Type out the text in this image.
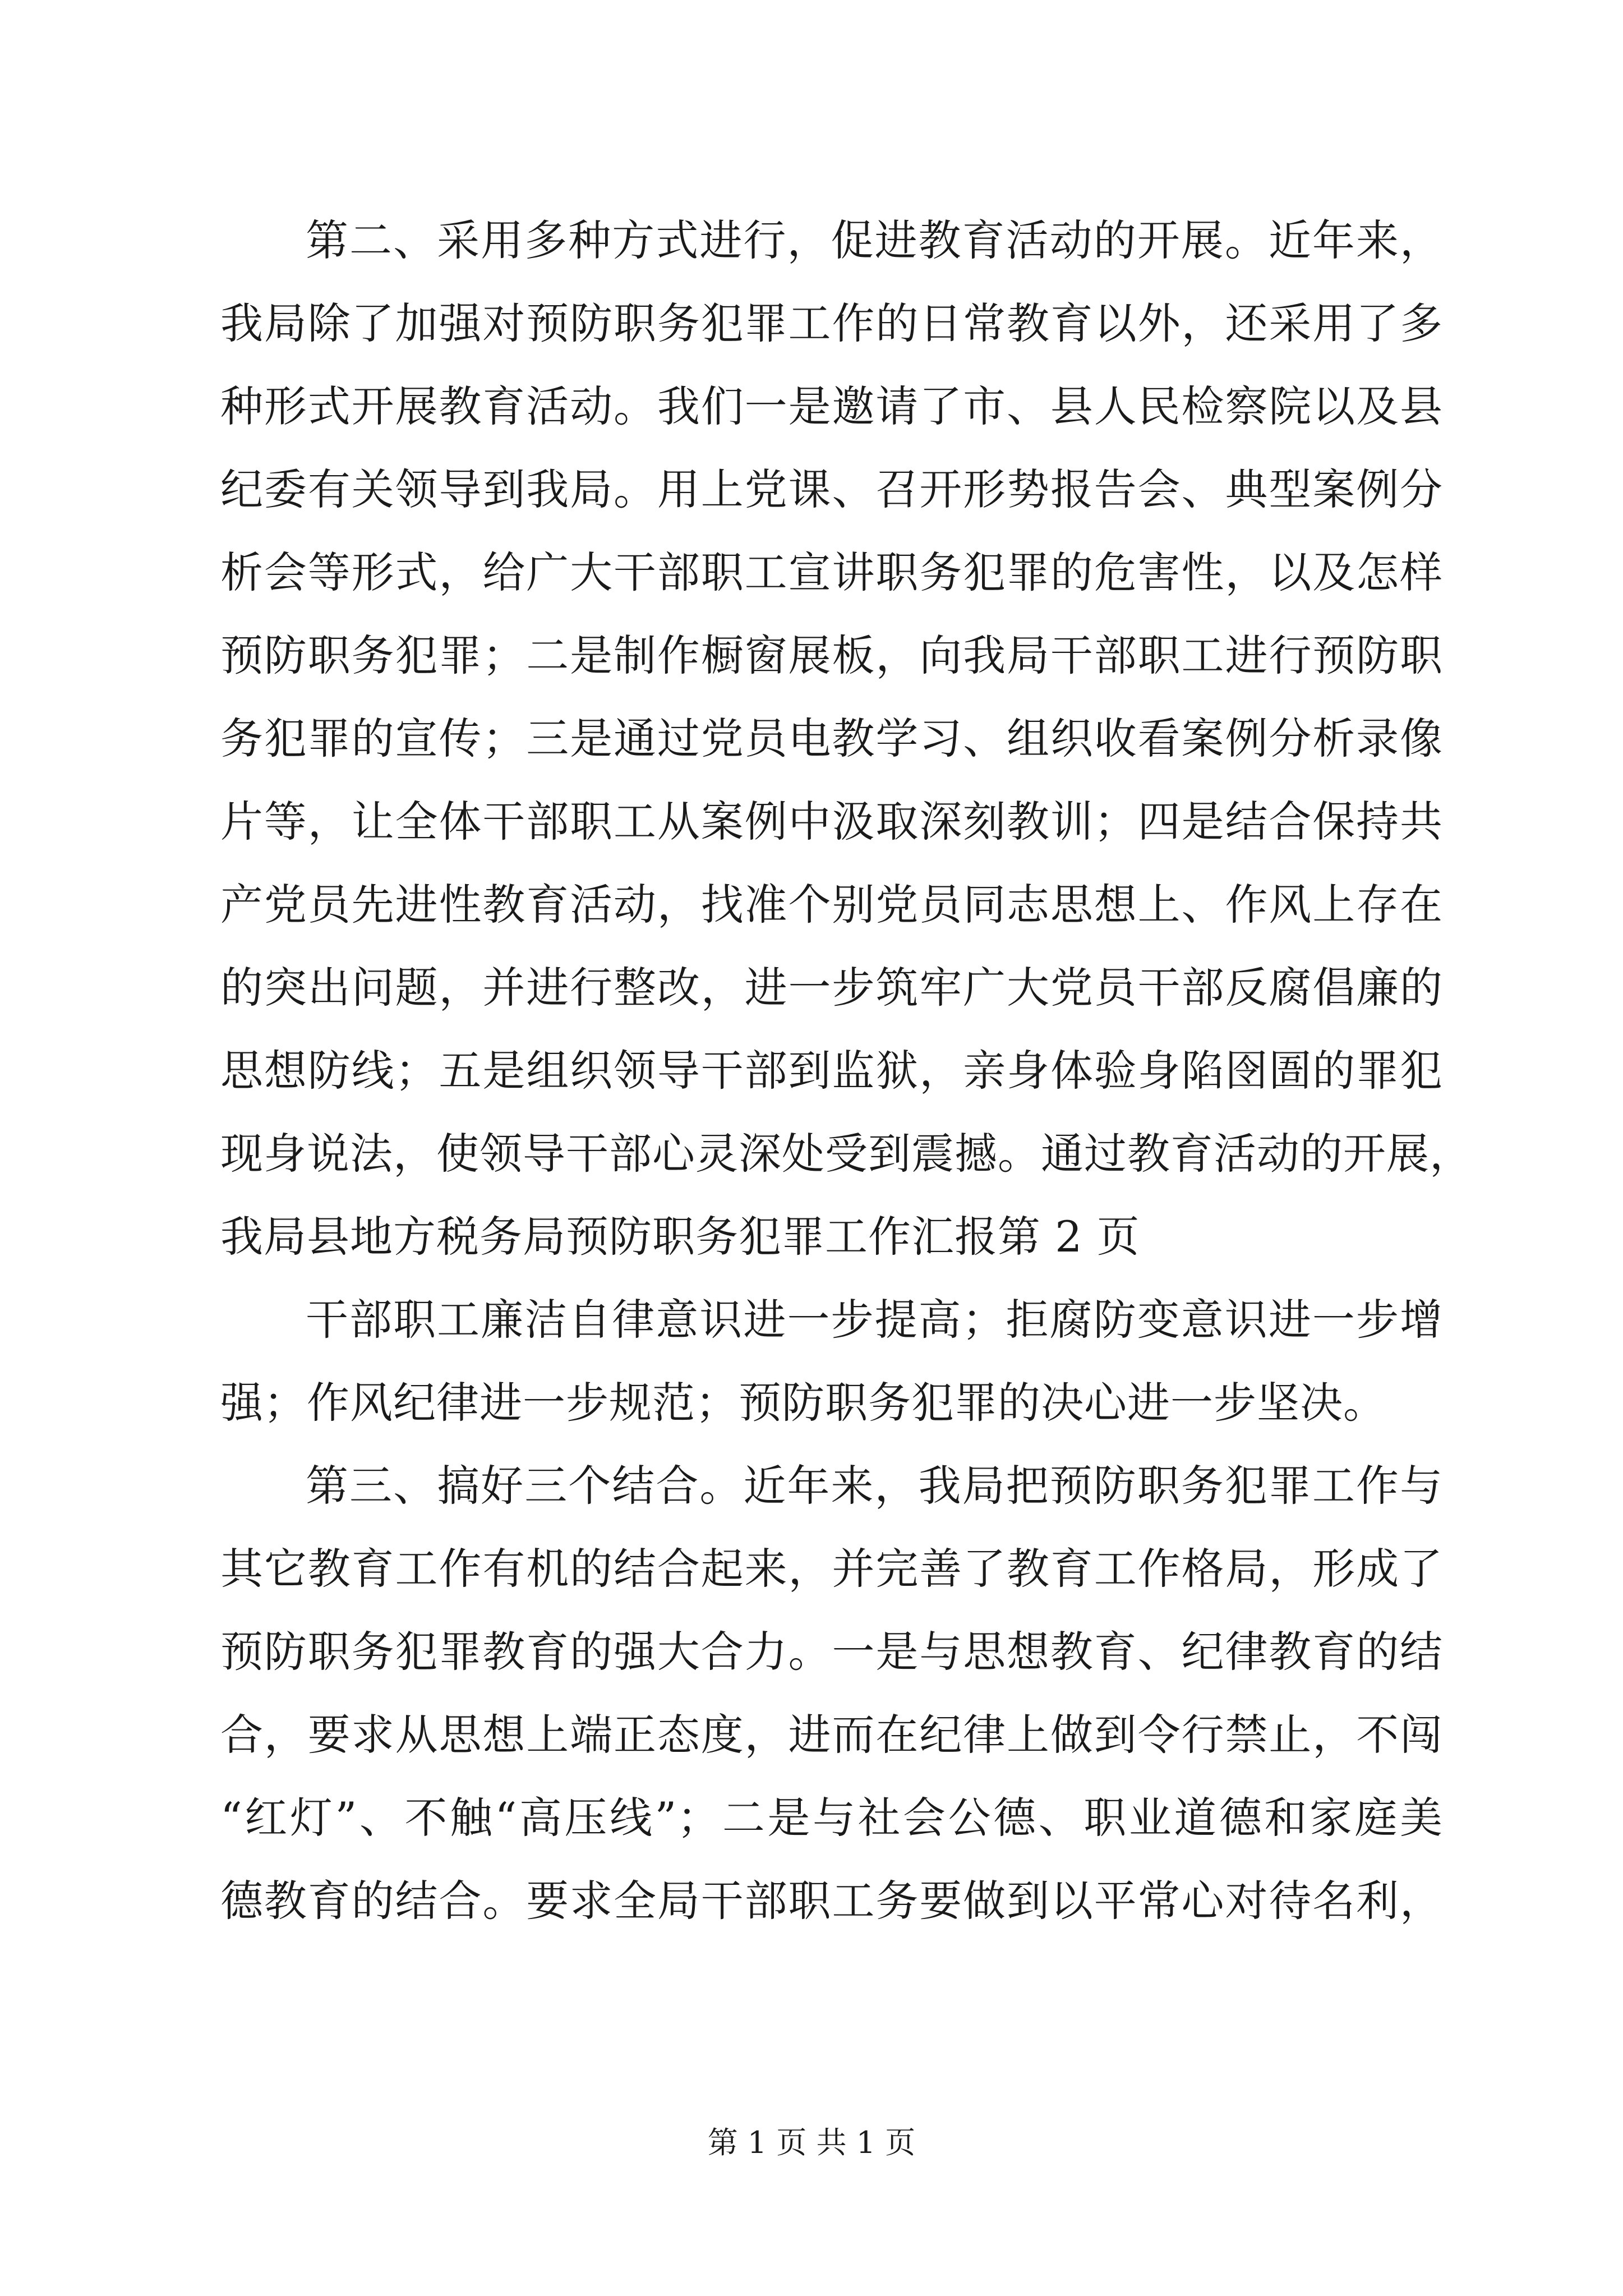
第二、采用多种方式进行，促进教育活动的开展。近年来，
我局除了加强对预防职务犯罪工作的日常教育以外，还采用了多
种形式开展教育活动。我们一是邀请了市、县人民检察院以及县
纪委有关领导到我局。用上党课、召开形势报告会、典型案例分
析会等形式，给广大干部职工宣讲职务犯罪的危害性，以及怎样
预防职务犯罪；二是制作橱窗展板，向我局干部职工进行预防职
务犯罪的宣传；三是通过党员电教学习、组织收看案例分析录像
片等，让全体干部职工从案例中汲取深刻教训；四是结合保持共
产党员先进性教育活动，找准个别党员同志思想上、作风上存在
的突出问题，并进行整改，进一步筑牢广大党员干部反腐倡廉的
思想防线；五是组织领导干部到监狱，亲身体验身陷囹圄的罪犯
现身说法，使领导干部心灵深处受到震撼。通过教育活动的开展，
我局县地方税务局预防职务犯罪工作汇报第 2 页
干部职工廉洁自律意识进一步提高；拒腐防变意识进一步增
强；作风纪律进一步规范；预防职务犯罪的决心进一步坚决。
第三、搞好三个结合。近年来，我局把预防职务犯罪工作与
其它教育工作有机的结合起来，并完善了教育工作格局，形成了
预防职务犯罪教育的强大合力。一是与思想教育、纪律教育的结
合，要求从思想上端正态度，进而在纪律上做到令行禁止，不闯
“红灯”、不触“高压线”；二是与社会公德、职业道德和家庭美
德教育的结合。要求全局干部职工务要做到以平常心对待名利，
第 1 页 共 1 页
